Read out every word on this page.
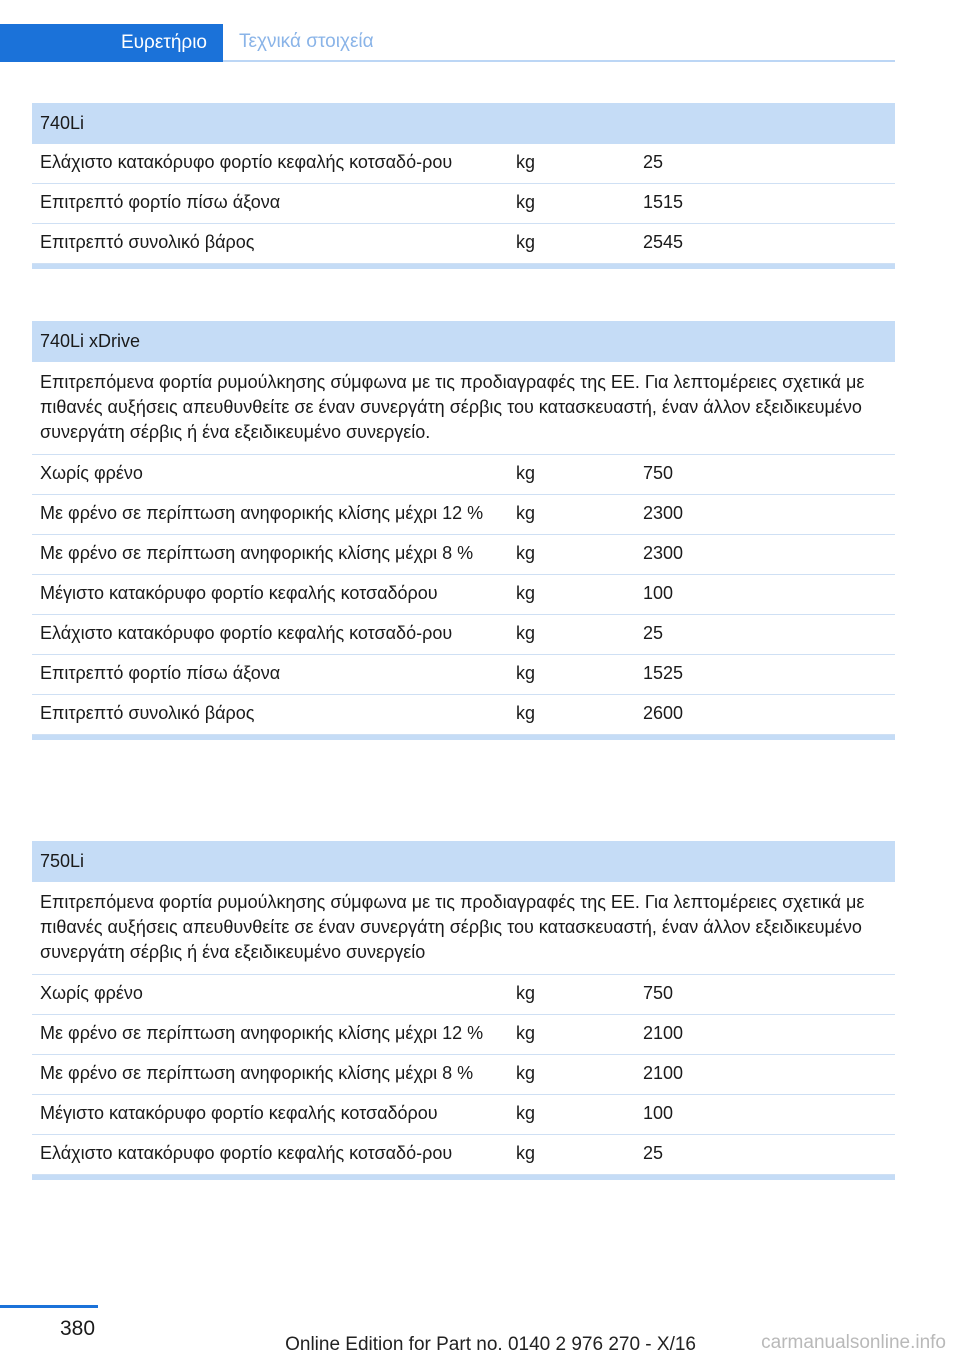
Ευρετήριο	Τεχνικά στοιχεία
740Li
Ελάχιστο κατακόρυφο φορτίο κεφαλής κοτσαδό‐ρου	kg	25
Επιτρεπτό φορτίο πίσω άξονα	kg	1515
Επιτρεπτό συνολικό βάρος	kg	2545
740Li xDrive
Επιτρεπόμενα φορτία ρυμούλκησης σύμφωνα με τις προδιαγραφές της ΕΕ. Για λεπτομέρειες σχετικά με πιθανές αυξήσεις απευθυνθείτε σε έναν συνεργάτη σέρβις του κατασκευαστή, έναν άλλον εξειδικευμένο συνεργάτη σέρβις ή ένα εξειδικευμένο συνεργείο.
Χωρίς φρένο	kg	750
Με φρένο σε περίπτωση ανηφορικής κλίσης μέχρι 12 %	kg	2300
Με φρένο σε περίπτωση ανηφορικής κλίσης μέχρι 8 %	kg	2300
Μέγιστο κατακόρυφο φορτίο κεφαλής κοτσαδόρου	kg	100
Ελάχιστο κατακόρυφο φορτίο κεφαλής κοτσαδό‐ρου	kg	25
Επιτρεπτό φορτίο πίσω άξονα	kg	1525
Επιτρεπτό συνολικό βάρος	kg	2600
750Li
Επιτρεπόμενα φορτία ρυμούλκησης σύμφωνα με τις προδιαγραφές της ΕΕ. Για λεπτομέρειες σχετικά με πιθανές αυξήσεις απευθυνθείτε σε έναν συνεργάτη σέρβις του κατασκευαστή, έναν άλλον εξειδικευμένο συνεργάτη σέρβις ή ένα εξειδικευμένο συνεργείο
Χωρίς φρένο	kg	750
Με φρένο σε περίπτωση ανηφορικής κλίσης μέχρι 12 %	kg	2100
Με φρένο σε περίπτωση ανηφορικής κλίσης μέχρι 8 %	kg	2100
Μέγιστο κατακόρυφο φορτίο κεφαλής κοτσαδόρου	kg	100
Ελάχιστο κατακόρυφο φορτίο κεφαλής κοτσαδό‐ρου	kg	25
380
Online Edition for Part no. 0140 2 976 270 - X/16	carmanualsonline.info
